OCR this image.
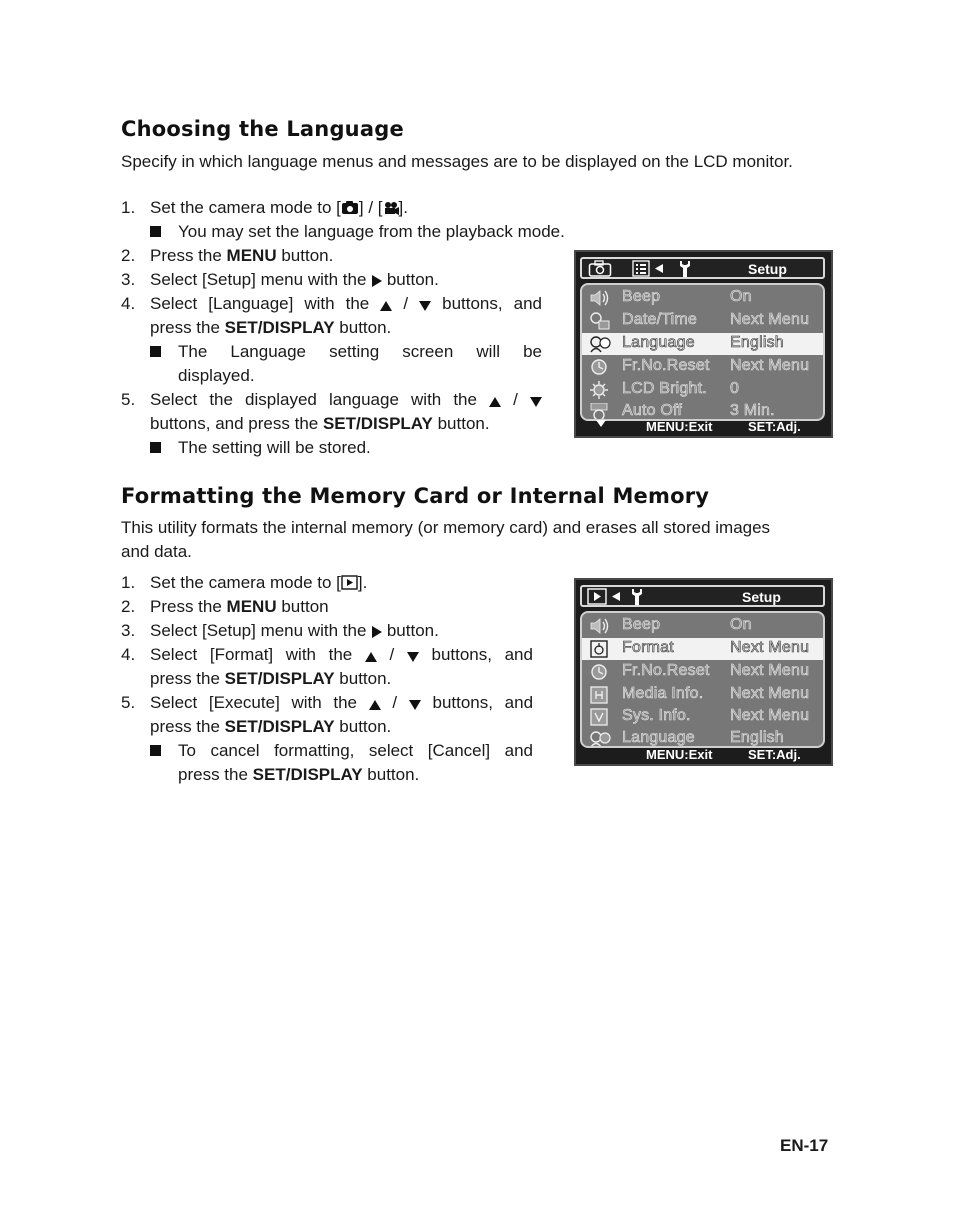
Choosing the Language
Specify in which language menus and messages are to be displayed on the LCD monitor.
1. Set the camera mode to [ ] / [ ].
You may set the language from the playback mode.
2. Press the MENU button.
3. Select [Setup] menu with the  button.
4. Select [Language] with the / buttons, and
press the SET/DISPLAY button.
The Language setting screen will be
displayed.
5. Select the displayed language with the /
buttons, and press the SET/DISPLAY button.
The setting will be stored.
Setup
Beep	On
Date/Time Next Menu
Language English
Fr.No.Reset Next Menu
LCD Bright. 0
Auto Off	3 Min.
MENU:Exit	SET:Adj.
Formatting the Memory Card or Internal Memory
This utility formats the internal memory (or memory card) and erases all stored images
and data.
1. Set the camera mode to [ ].
2. Press the MENU button
3. Select [Setup] menu with the  button.
4. Select [Format] with the / buttons, and
press the SET/DISPLAY button.
5. Select [Execute] with the / buttons, and
press the SET/DISPLAY button.
To cancel formatting, select [Cancel] and
press the SET/DISPLAY button.
Setup
Beep	On
Format	Next Menu
Fr.No.Reset Next Menu
Media Info. Next Menu
Sys. Info. Next Menu
Language English
MENU:Exit	SET:Adj.
EN-17
